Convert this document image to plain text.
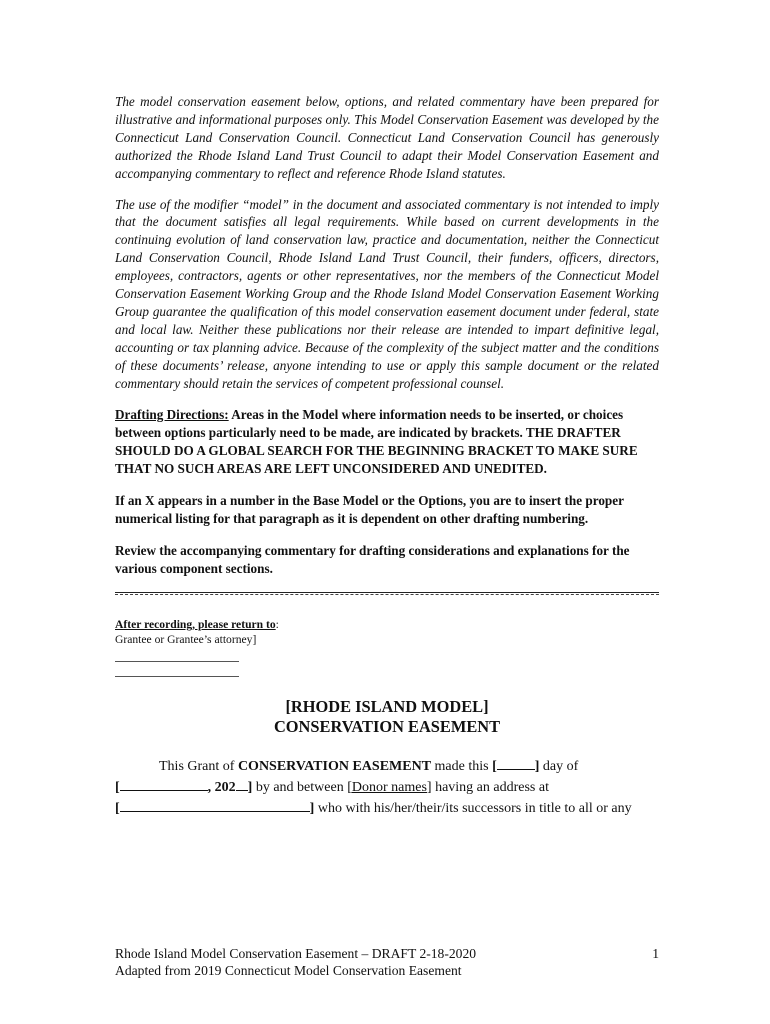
The model conservation easement below, options, and related commentary have been prepared for illustrative and informational purposes only. This Model Conservation Easement was developed by the Connecticut Land Conservation Council. Connecticut Land Conservation Council has generously authorized the Rhode Island Land Trust Council to adapt their Model Conservation Easement and accompanying commentary to reflect and reference Rhode Island statutes.

The use of the modifier “model” in the document and associated commentary is not intended to imply that the document satisfies all legal requirements. While based on current developments in the continuing evolution of land conservation law, practice and documentation, neither the Connecticut Land Conservation Council, Rhode Island Land Trust Council, their funders, officers, directors, employees, contractors, agents or other representatives, nor the members of the Connecticut Model Conservation Easement Working Group and the Rhode Island Model Conservation Easement Working Group guarantee the qualification of this model conservation easement document under federal, state and local law. Neither these publications nor their release are intended to impart definitive legal, accounting or tax planning advice. Because of the complexity of the subject matter and the conditions of these documents’ release, anyone intending to use or apply this sample document or the related commentary should retain the services of competent professional counsel.

Drafting Directions: Areas in the Model where information needs to be inserted, or choices between options particularly need to be made, are indicated by brackets. THE DRAFTER SHOULD DO A GLOBAL SEARCH FOR THE BEGINNING BRACKET TO MAKE SURE THAT NO SUCH AREAS ARE LEFT UNCONSIDERED AND UNEDITED.

If an X appears in a number in the Base Model or the Options, you are to insert the proper numerical listing for that paragraph as it is dependent on other drafting numbering.

Review the accompanying commentary for drafting considerations and explanations for the various component sections.

After recording, please return to:
Grantee or Grantee’s attorney]
[RHODE ISLAND MODEL]
CONSERVATION EASEMENT
This Grant of CONSERVATION EASEMENT made this [	] day of
[	, 202 ] by and between [Donor names] having an address at
[	] who with his/her/their/its successors in title to all or any
Rhode Island Model Conservation Easement – DRAFT 2-18-2020
Adapted from 2019 Connecticut Model Conservation Easement
1
